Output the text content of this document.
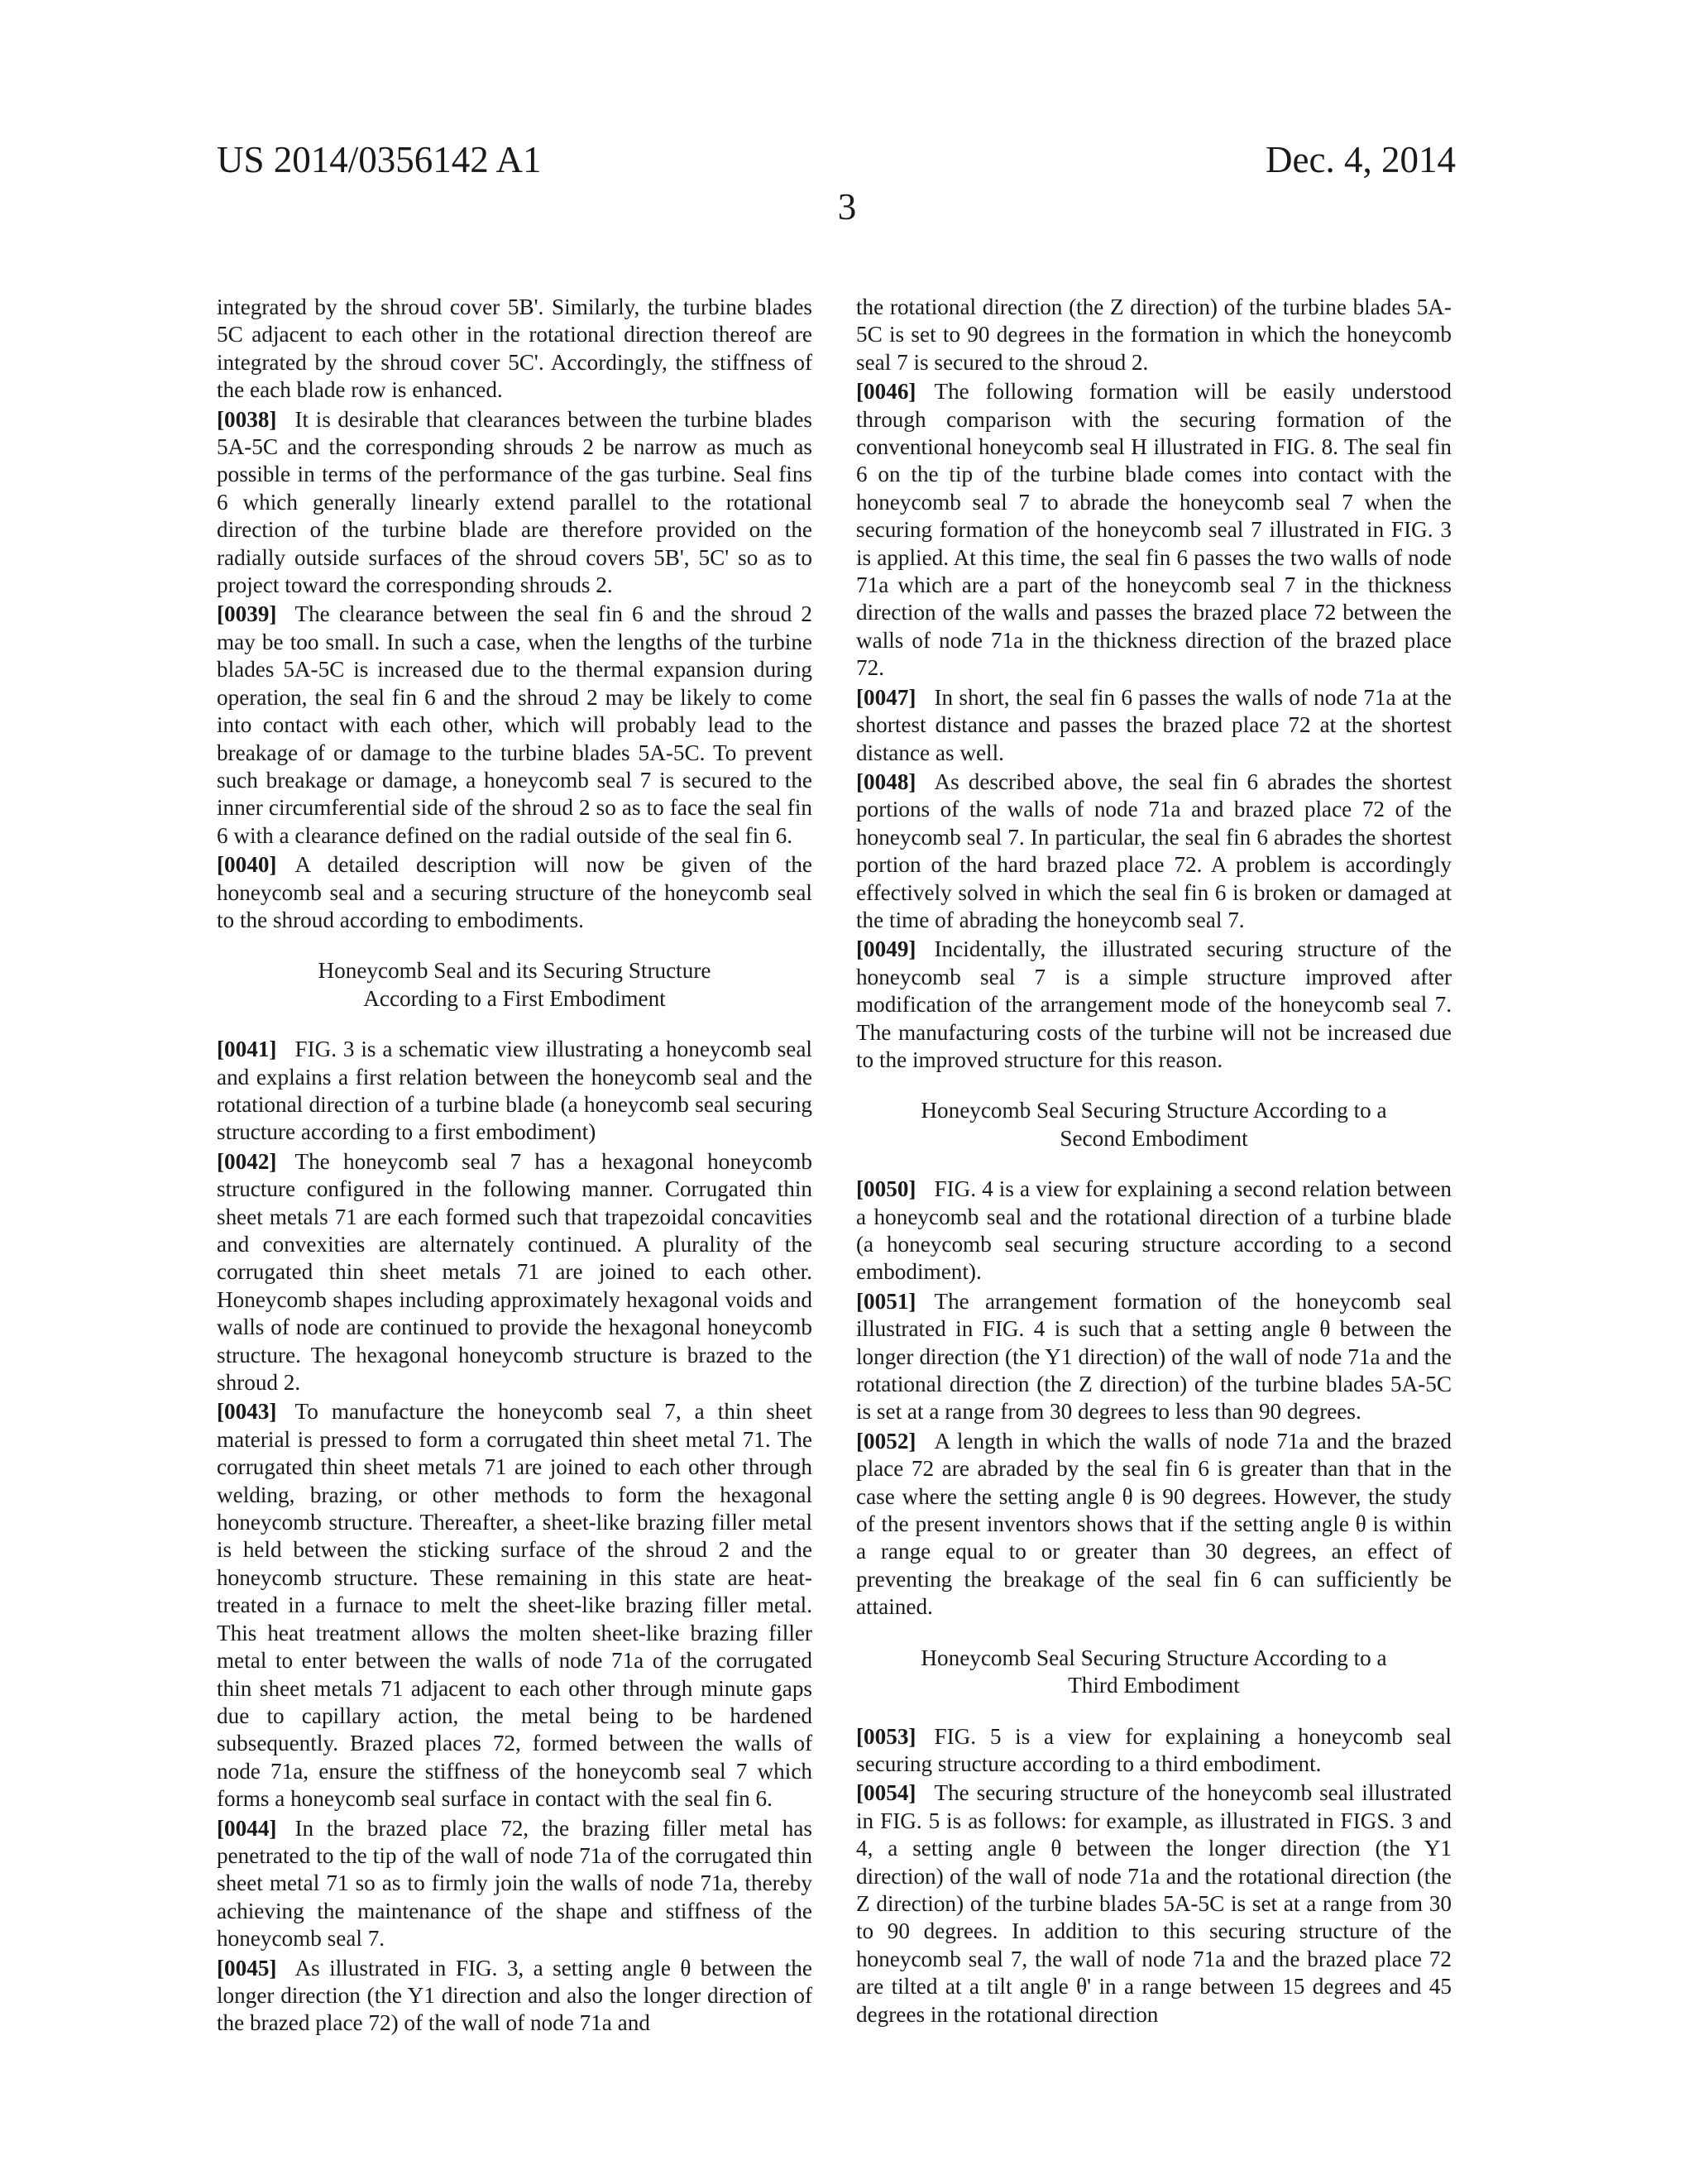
US 2014/0356142 A1	Dec. 4, 2014
3

integrated by the shroud cover 5B'. Similarly, the turbine blades 5C adjacent to each other in the rotational direction thereof are integrated by the shroud cover 5C'. Accordingly, the stiffness of the each blade row is enhanced.

[0038] It is desirable that clearances between the turbine blades 5A-5C and the corresponding shrouds 2 be narrow as much as possible in terms of the performance of the gas turbine. Seal fins 6 which generally linearly extend parallel to the rotational direction of the turbine blade are therefore provided on the radially outside surfaces of the shroud covers 5B', 5C' so as to project toward the corresponding shrouds 2.

[0039] The clearance between the seal fin 6 and the shroud 2 may be too small. In such a case, when the lengths of the turbine blades 5A-5C is increased due to the thermal expansion during operation, the seal fin 6 and the shroud 2 may be likely to come into contact with each other, which will probably lead to the breakage of or damage to the turbine blades 5A-5C. To prevent such breakage or damage, a honeycomb seal 7 is secured to the inner circumferential side of the shroud 2 so as to face the seal fin 6 with a clearance defined on the radial outside of the seal fin 6.

[0040] A detailed description will now be given of the honeycomb seal and a securing structure of the honeycomb seal to the shroud according to embodiments.

Honeycomb Seal and its Securing Structure
According to a First Embodiment

[0041] FIG. 3 is a schematic view illustrating a honeycomb seal and explains a first relation between the honeycomb seal and the rotational direction of a turbine blade (a honeycomb seal securing structure according to a first embodiment)

[0042] The honeycomb seal 7 has a hexagonal honeycomb structure configured in the following manner. Corrugated thin sheet metals 71 are each formed such that trapezoidal concavities and convexities are alternately continued. A plurality of the corrugated thin sheet metals 71 are joined to each other. Honeycomb shapes including approximately hexagonal voids and walls of node are continued to provide the hexagonal honeycomb structure. The hexagonal honeycomb structure is brazed to the shroud 2.

[0043] To manufacture the honeycomb seal 7, a thin sheet material is pressed to form a corrugated thin sheet metal 71. The corrugated thin sheet metals 71 are joined to each other through welding, brazing, or other methods to form the hexagonal honeycomb structure. Thereafter, a sheet-like brazing filler metal is held between the sticking surface of the shroud 2 and the honeycomb structure. These remaining in this state are heat-treated in a furnace to melt the sheet-like brazing filler metal. This heat treatment allows the molten sheet-like brazing filler metal to enter between the walls of node 71a of the corrugated thin sheet metals 71 adjacent to each other through minute gaps due to capillary action, the metal being to be hardened subsequently. Brazed places 72, formed between the walls of node 71a, ensure the stiffness of the honeycomb seal 7 which forms a honeycomb seal surface in contact with the seal fin 6.

[0044] In the brazed place 72, the brazing filler metal has penetrated to the tip of the wall of node 71a of the corrugated thin sheet metal 71 so as to firmly join the walls of node 71a, thereby achieving the maintenance of the shape and stiffness of the honeycomb seal 7.

[0045] As illustrated in FIG. 3, a setting angle θ between the longer direction (the Y1 direction and also the longer direction of the brazed place 72) of the wall of node 71a and

the rotational direction (the Z direction) of the turbine blades 5A-5C is set to 90 degrees in the formation in which the honeycomb seal 7 is secured to the shroud 2.

[0046] The following formation will be easily understood through comparison with the securing formation of the conventional honeycomb seal H illustrated in FIG. 8. The seal fin 6 on the tip of the turbine blade comes into contact with the honeycomb seal 7 to abrade the honeycomb seal 7 when the securing formation of the honeycomb seal 7 illustrated in FIG. 3 is applied. At this time, the seal fin 6 passes the two walls of node 71a which are a part of the honeycomb seal 7 in the thickness direction of the walls and passes the brazed place 72 between the walls of node 71a in the thickness direction of the brazed place 72.

[0047] In short, the seal fin 6 passes the walls of node 71a at the shortest distance and passes the brazed place 72 at the shortest distance as well.

[0048] As described above, the seal fin 6 abrades the shortest portions of the walls of node 71a and brazed place 72 of the honeycomb seal 7. In particular, the seal fin 6 abrades the shortest portion of the hard brazed place 72. A problem is accordingly effectively solved in which the seal fin 6 is broken or damaged at the time of abrading the honeycomb seal 7.

[0049] Incidentally, the illustrated securing structure of the honeycomb seal 7 is a simple structure improved after modification of the arrangement mode of the honeycomb seal 7. The manufacturing costs of the turbine will not be increased due to the improved structure for this reason.

Honeycomb Seal Securing Structure According to a
Second Embodiment

[0050] FIG. 4 is a view for explaining a second relation between a honeycomb seal and the rotational direction of a turbine blade (a honeycomb seal securing structure according to a second embodiment).

[0051] The arrangement formation of the honeycomb seal illustrated in FIG. 4 is such that a setting angle θ between the longer direction (the Y1 direction) of the wall of node 71a and the rotational direction (the Z direction) of the turbine blades 5A-5C is set at a range from 30 degrees to less than 90 degrees.

[0052] A length in which the walls of node 71a and the brazed place 72 are abraded by the seal fin 6 is greater than that in the case where the setting angle θ is 90 degrees. However, the study of the present inventors shows that if the setting angle θ is within a range equal to or greater than 30 degrees, an effect of preventing the breakage of the seal fin 6 can sufficiently be attained.

Honeycomb Seal Securing Structure According to a
Third Embodiment

[0053] FIG. 5 is a view for explaining a honeycomb seal securing structure according to a third embodiment.

[0054] The securing structure of the honeycomb seal illustrated in FIG. 5 is as follows: for example, as illustrated in FIGS. 3 and 4, a setting angle θ between the longer direction (the Y1 direction) of the wall of node 71a and the rotational direction (the Z direction) of the turbine blades 5A-5C is set at a range from 30 to 90 degrees. In addition to this securing structure of the honeycomb seal 7, the wall of node 71a and the brazed place 72 are tilted at a tilt angle θ' in a range between 15 degrees and 45 degrees in the rotational direction
